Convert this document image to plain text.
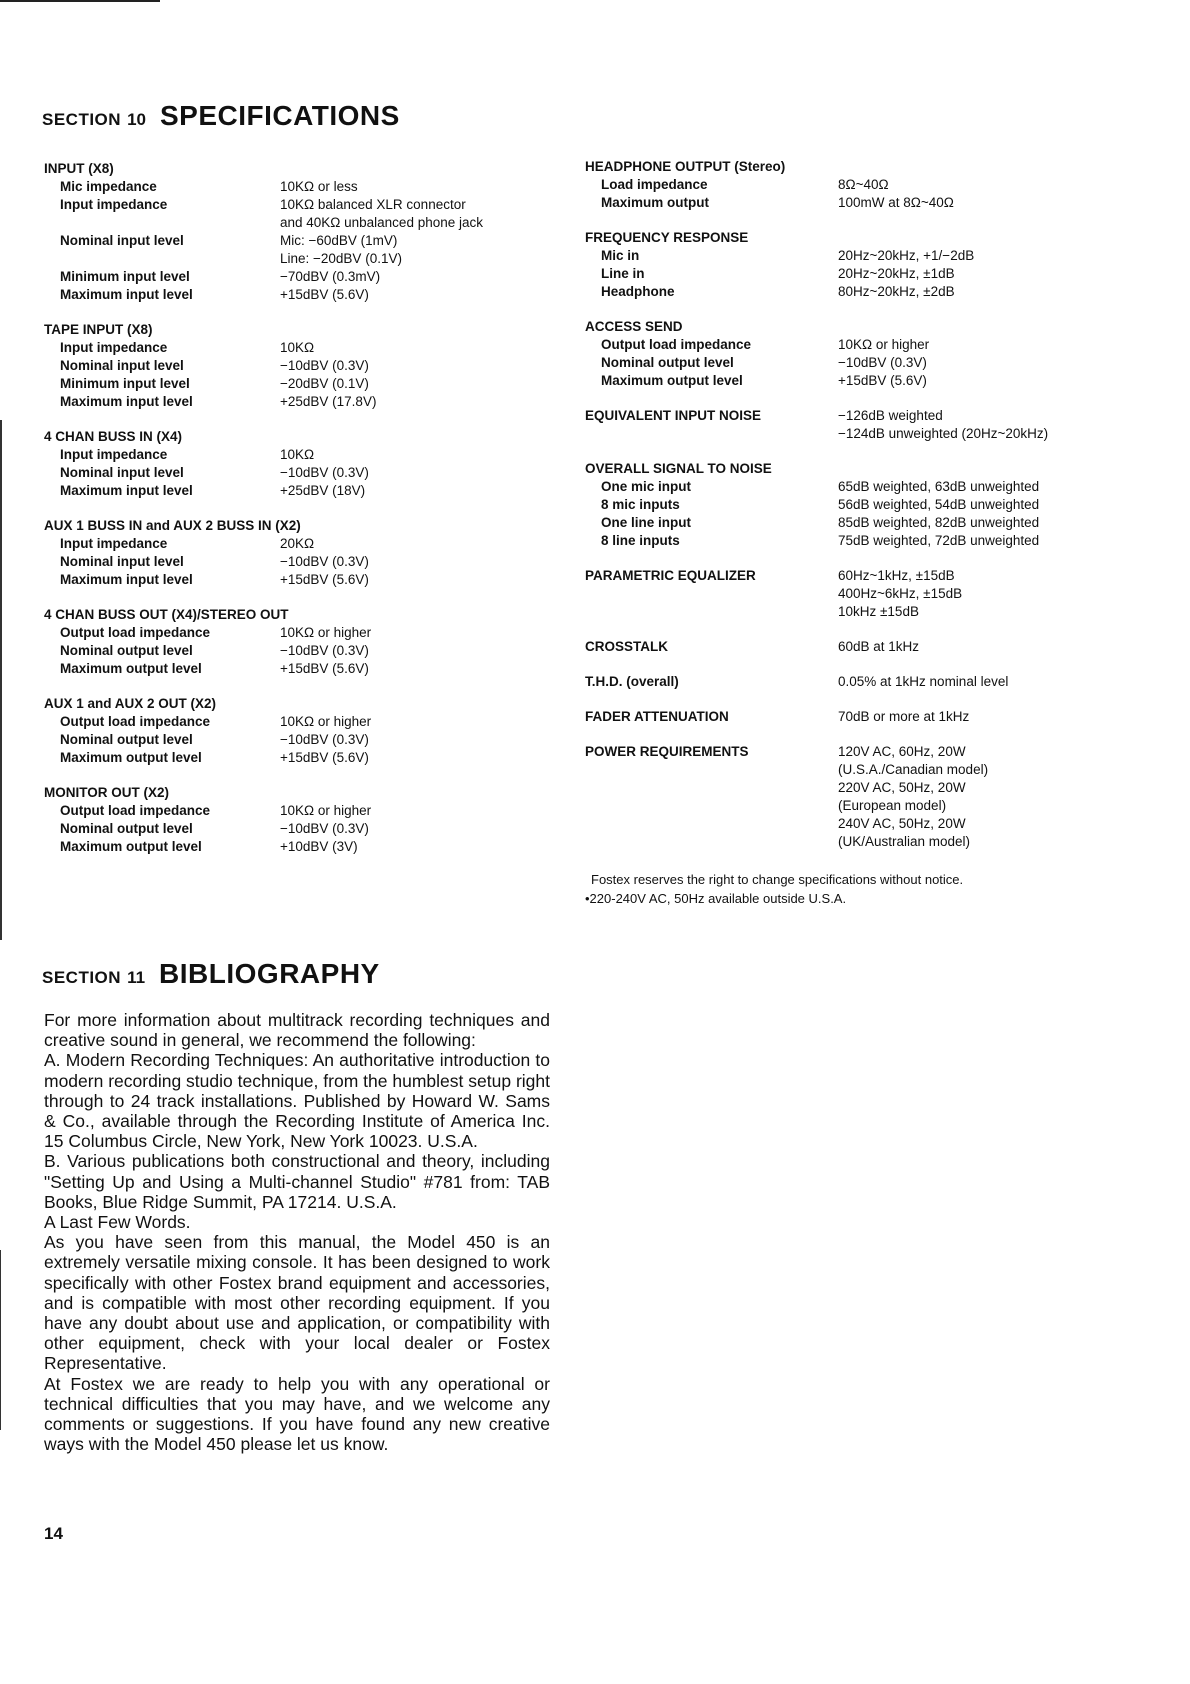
SECTION 10 SPECIFICATIONS
INPUT (X8)
Mic impedance	10KΩ or less
Input impedance	10KΩ balanced XLR connector
and 40KΩ unbalanced phone jack
Nominal input level	Mic: −60dBV (1mV)
Line: −20dBV (0.1V)
Minimum input level	−70dBV (0.3mV)
Maximum input level	+15dBV (5.6V)
TAPE INPUT (X8)
Input impedance	10KΩ
Nominal input level	−10dBV (0.3V)
Minimum input level	−20dBV (0.1V)
Maximum input level	+25dBV (17.8V)
4 CHAN BUSS IN (X4)
Input impedance	10KΩ
Nominal input level	−10dBV (0.3V)
Maximum input level	+25dBV (18V)
AUX 1 BUSS IN and AUX 2 BUSS IN (X2)
Input impedance	20KΩ
Nominal input level	−10dBV (0.3V)
Maximum input level	+15dBV (5.6V)
4 CHAN BUSS OUT (X4)/STEREO OUT
Output load impedance	10KΩ or higher
Nominal output level	−10dBV (0.3V)
Maximum output level	+15dBV (5.6V)
AUX 1 and AUX 2 OUT (X2)
Output load impedance	10KΩ or higher
Nominal output level	−10dBV (0.3V)
Maximum output level	+15dBV (5.6V)
MONITOR OUT (X2)
Output load impedance	10KΩ or higher
Nominal output level	−10dBV (0.3V)
Maximum output level	+10dBV (3V)
HEADPHONE OUTPUT (Stereo)
Load impedance	8Ω~40Ω
Maximum output	100mW at 8Ω~40Ω
FREQUENCY RESPONSE
Mic in	20Hz~20kHz, +1/−2dB
Line in	20Hz~20kHz, ±1dB
Headphone	80Hz~20kHz, ±2dB
ACCESS SEND
Output load impedance	10KΩ or higher
Nominal output level	−10dBV (0.3V)
Maximum output level	+15dBV (5.6V)
EQUIVALENT INPUT NOISE	−126dB weighted
−124dB unweighted (20Hz~20kHz)
OVERALL SIGNAL TO NOISE
One mic input	65dB weighted, 63dB unweighted
8 mic inputs	56dB weighted, 54dB unweighted
One line input	85dB weighted, 82dB unweighted
8 line inputs	75dB weighted, 72dB unweighted
PARAMETRIC EQUALIZER	60Hz~1kHz, ±15dB
400Hz~6kHz, ±15dB
10kHz ±15dB
CROSSTALK	60dB at 1kHz
T.H.D. (overall)	0.05% at 1kHz nominal level
FADER ATTENUATION	70dB or more at 1kHz
POWER REQUIREMENTS	120V AC, 60Hz, 20W
(U.S.A./Canadian model)
220V AC, 50Hz, 20W
(European model)
240V AC, 50Hz, 20W
(UK/Australian model)
Fostex reserves the right to change specifications without notice.
•220-240V AC, 50Hz available outside U.S.A.
SECTION 11 BIBLIOGRAPHY

For more information about multitrack recording techniques and creative sound in general, we recommend the following:

A. Modern Recording Techniques: An authoritative introduction to modern recording studio technique, from the humblest setup right through to 24 track installations. Published by Howard W. Sams & Co., available through the Recording Institute of America Inc. 15 Columbus Circle, New York, New York 10023. U.S.A.

B. Various publications both constructional and theory, including "Setting Up and Using a Multi-channel Studio" #781 from: TAB Books, Blue Ridge Summit, PA 17214. U.S.A.

A Last Few Words.

As you have seen from this manual, the Model 450 is an extremely versatile mixing console. It has been designed to work specifically with other Fostex brand equipment and accessories, and is compatible with most other recording equipment. If you have any doubt about use and application, or compatibility with other equipment, check with your local dealer or Fostex Representative.

At Fostex we are ready to help you with any operational or technical difficulties that you may have, and we welcome any comments or suggestions. If you have found any new creative ways with the Model 450 please let us know.

14
